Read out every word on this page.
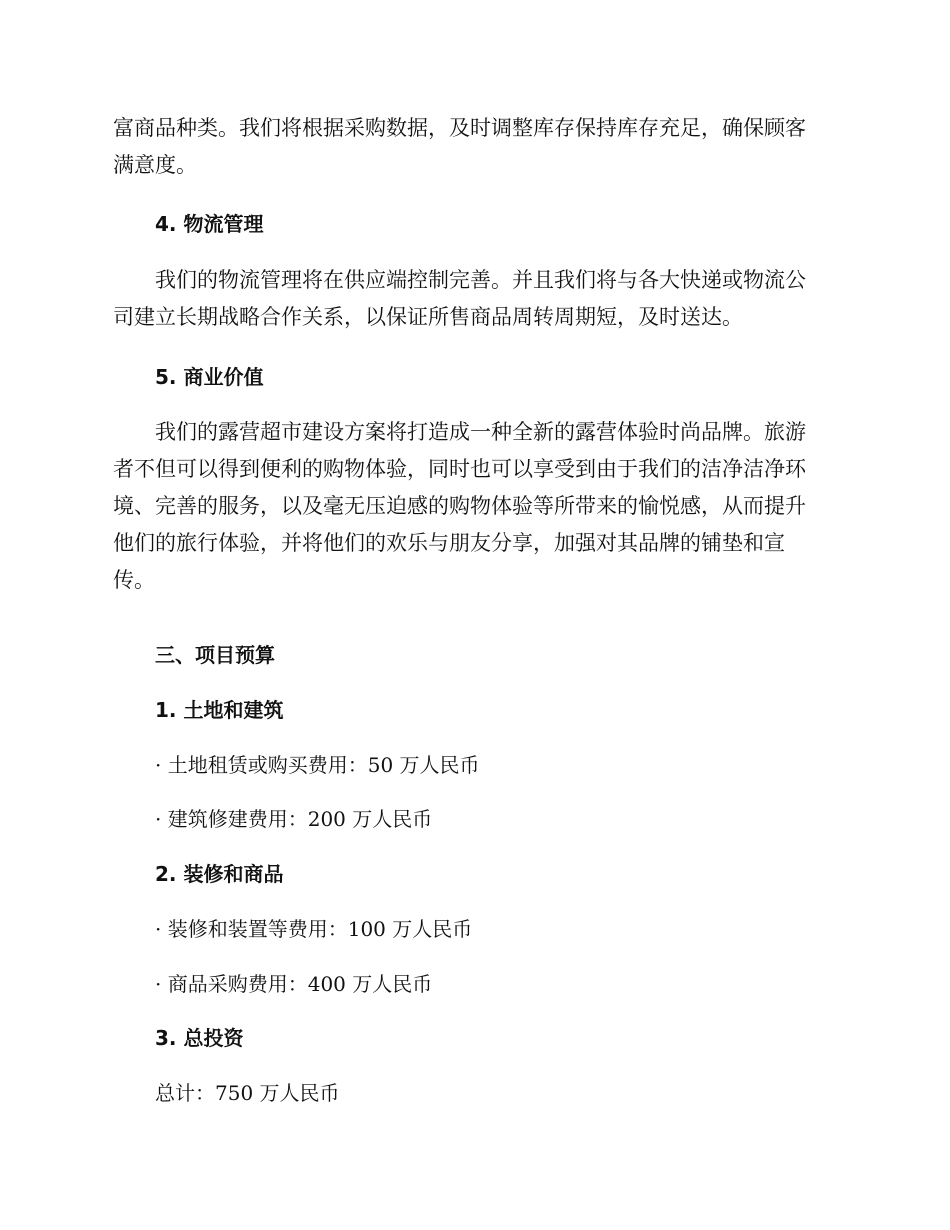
富商品种类。我们将根据采购数据，及时调整库存保持库存充足，确保顾客
满意度。

4. 物流管理

我们的物流管理将在供应端控制完善。并且我们将与各大快递或物流公
司建立长期战略合作关系，以保证所售商品周转周期短，及时送达。

5. 商业价值

我们的露营超市建设方案将打造成一种全新的露营体验时尚品牌。旅游
者不但可以得到便利的购物体验，同时也可以享受到由于我们的洁净洁净环
境、完善的服务，以及毫无压迫感的购物体验等所带来的愉悦感，从而提升
他们的旅行体验，并将他们的欢乐与朋友分享，加强对其品牌的铺垫和宣
传。

三、项目预算
1. 土地和建筑

· 土地租赁或购买费用：50 万人民币

· 建筑修建费用：200 万人民币

2. 装修和商品

· 装修和装置等费用：100 万人民币

· 商品采购费用：400 万人民币

3. 总投资

总计：750 万人民币
